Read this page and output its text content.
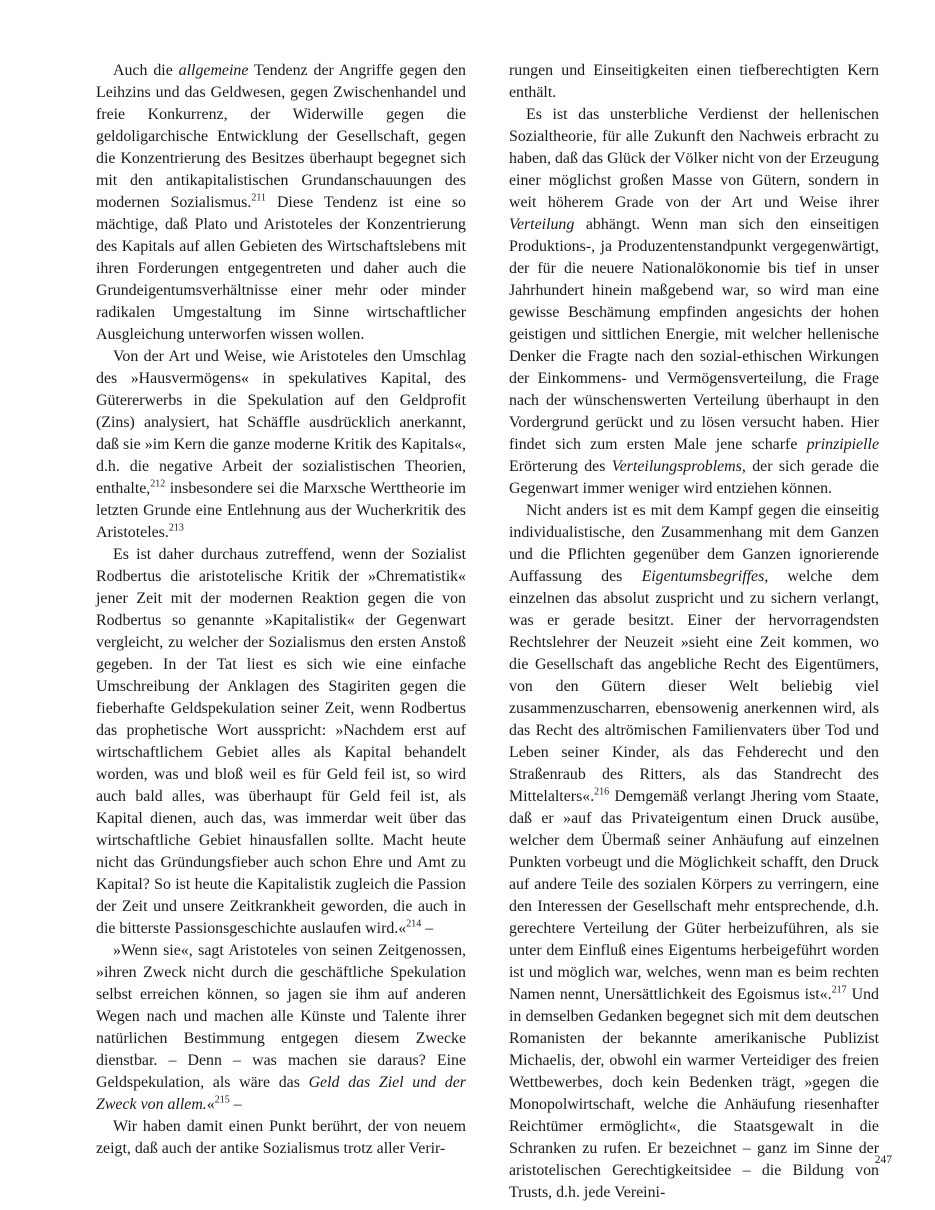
Auch die allgemeine Tendenz der Angriffe gegen den Leihzins und das Geldwesen, gegen Zwischenhandel und freie Konkurrenz, der Widerwille gegen die geldoligarchische Entwicklung der Gesellschaft, gegen die Konzentrierung des Besitzes überhaupt begegnet sich mit den antikapitalistischen Grundanschauungen des modernen Sozialismus.$^{211}$ Diese Tendenz ist eine so mächtige, daß Plato und Aristoteles der Konzentrierung des Kapitals auf allen Gebieten des Wirtschaftslebens mit ihren Forderungen entgegentreten und daher auch die Grundeigentumsverhältnisse einer mehr oder minder radikalen Umgestaltung im Sinne wirtschaftlicher Ausgleichung unterworfen wissen wollen.

Von der Art und Weise, wie Aristoteles den Umschlag des »Hausvermögens« in spekulatives Kapital, des Gütererwerbs in die Spekulation auf den Geldprofit (Zins) analysiert, hat Schäffle ausdrücklich anerkannt, daß sie »im Kern die ganze moderne Kritik des Kapitals«, d.h. die negative Arbeit der sozialistischen Theorien, enthalte,$^{212}$ insbesondere sei die Marxsche Werttheorie im letzten Grunde eine Entlehnung aus der Wucherkritik des Aristoteles.$^{213}$

Es ist daher durchaus zutreffend, wenn der Sozialist Rodbertus die aristotelische Kritik der »Chrematistik« jener Zeit mit der modernen Reaktion gegen die von Rodbertus so genannte »Kapitalistik« der Gegenwart vergleicht, zu welcher der Sozialismus den ersten Anstoß gegeben. In der Tat liest es sich wie eine einfache Umschreibung der Anklagen des Stagiriten gegen die fieberhafte Geldspekulation seiner Zeit, wenn Rodbertus das prophetische Wort ausspricht: »Nachdem erst auf wirtschaftlichem Gebiet alles als Kapital behandelt worden, was und bloß weil es für Geld feil ist, so wird auch bald alles, was überhaupt für Geld feil ist, als Kapital dienen, auch das, was immerdar weit über das wirtschaftliche Gebiet hinausfallen sollte. Macht heute nicht das Gründungsfieber auch schon Ehre und Amt zu Kapital? So ist heute die Kapitalistik zugleich die Passion der Zeit und unsere Zeitkrankheit geworden, die auch in die bitterste Passionsgeschichte auslaufen wird.«$^{214}$ –

»Wenn sie«, sagt Aristoteles von seinen Zeitgenossen, »ihren Zweck nicht durch die geschäftliche Spekulation selbst erreichen können, so jagen sie ihm auf anderen Wegen nach und machen alle Künste und Talente ihrer natürlichen Bestimmung entgegen diesem Zwecke dienstbar. – Denn – was machen sie daraus? Eine Geldspekulation, als wäre das Geld das Ziel und der Zweck von allem.«$^{215}$ –

Wir haben damit einen Punkt berührt, der von neuem zeigt, daß auch der antike Sozialismus trotz aller Verir-

rungen und Einseitigkeiten einen tiefberechtigten Kern enthält.

Es ist das unsterbliche Verdienst der hellenischen Sozialtheorie, für alle Zukunft den Nachweis erbracht zu haben, daß das Glück der Völker nicht von der Erzeugung einer möglichst großen Masse von Gütern, sondern in weit höherem Grade von der Art und Weise ihrer Verteilung abhängt. Wenn man sich den einseitigen Produktions-, ja Produzentenstandpunkt vergegenwärtigt, der für die neuere Nationalökonomie bis tief in unser Jahrhundert hinein maßgebend war, so wird man eine gewisse Beschämung empfinden angesichts der hohen geistigen und sittlichen Energie, mit welcher hellenische Denker die Fragte nach den sozial-ethischen Wirkungen der Einkommens- und Vermögensverteilung, die Frage nach der wünschenswerten Verteilung überhaupt in den Vordergrund gerückt und zu lösen versucht haben. Hier findet sich zum ersten Male jene scharfe prinzipielle Erörterung des Verteilungsproblems, der sich gerade die Gegenwart immer weniger wird entziehen können.

Nicht anders ist es mit dem Kampf gegen die einseitig individualistische, den Zusammenhang mit dem Ganzen und die Pflichten gegenüber dem Ganzen ignorierende Auffassung des Eigentumsbegriffes, welche dem einzelnen das absolut zuspricht und zu sichern verlangt, was er gerade besitzt. Einer der hervorragendsten Rechtslehrer der Neuzeit »sieht eine Zeit kommen, wo die Gesellschaft das angebliche Recht des Eigentümers, von den Gütern dieser Welt beliebig viel zusammenzuscharren, ebensowenig anerkennen wird, als das Recht des altrömischen Familienvaters über Tod und Leben seiner Kinder, als das Fehderecht und den Straßenraub des Ritters, als das Standrecht des Mittelalters«.$^{216}$ Demgemäß verlangt Jhering vom Staate, daß er »auf das Privateigentum einen Druck ausübe, welcher dem Übermaß seiner Anhäufung auf einzelnen Punkten vorbeugt und die Möglichkeit schafft, den Druck auf andere Teile des sozialen Körpers zu verringern, eine den Interessen der Gesellschaft mehr entsprechende, d.h. gerechtere Verteilung der Güter herbeizuführen, als sie unter dem Einfluß eines Eigentums herbeigeführt worden ist und möglich war, welches, wenn man es beim rechten Namen nennt, Unersättlichkeit des Egoismus ist«.$^{217}$ Und in demselben Gedanken begegnet sich mit dem deutschen Romanisten der bekannte amerikanische Publizist Michaelis, der, obwohl ein warmer Verteidiger des freien Wettbewerbes, doch kein Bedenken trägt, »gegen die Monopolwirtschaft, welche die Anhäufung riesenhafter Reichtümer ermöglicht«, die Staatsgewalt in die Schranken zu rufen. Er bezeichnet – ganz im Sinne der aristotelischen Gerechtigkeitsidee – die Bildung von Trusts, d.h. jede Vereini-

247
